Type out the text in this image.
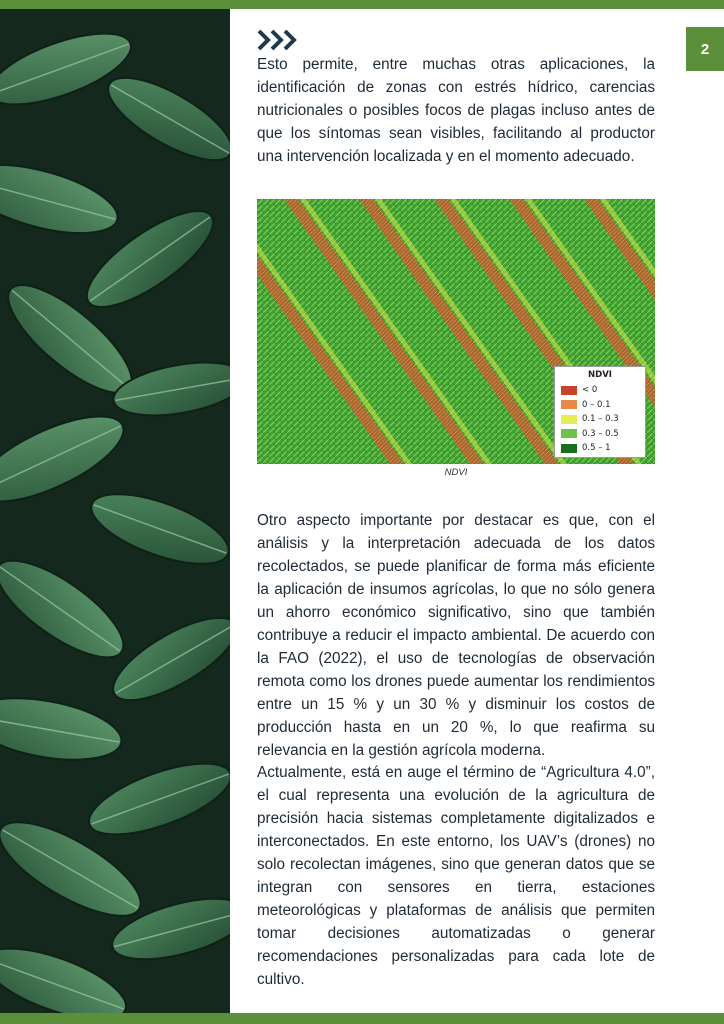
2

Esto permite, entre muchas otras aplicaciones, la identificación de zonas con estrés hídrico, carencias nutricionales o posibles focos de plagas incluso antes de que los síntomas sean visibles, facilitando al productor una intervención localizada y en el momento adecuado.

NDVI
< 0
0 – 0.1
0.1 – 0.3
0.3 – 0.5
0.5 – 1
NDVI

Otro aspecto importante por destacar es que, con el análisis y la interpretación adecuada de los datos recolectados, se puede planificar de forma más eficiente la aplicación de insumos agrícolas, lo que no sólo genera un ahorro económico significativo, sino que también contribuye a reducir el impacto ambiental. De acuerdo con la FAO (2022), el uso de tecnologías de observación remota como los drones puede aumentar los rendimientos entre un 15 % y un 30 % y disminuir los costos de producción hasta en un 20 %, lo que reafirma su relevancia en la gestión agrícola moderna.

Actualmente, está en auge el término de “Agricultura 4.0”, el cual representa una evolución de la agricultura de precisión hacia sistemas completamente digitalizados e interconectados. En este entorno, los UAV’s (drones) no solo recolectan imágenes, sino que generan datos que se integran con sensores en tierra, estaciones meteorológicas y plataformas de análisis que permiten tomar decisiones automatizadas o generar recomendaciones personalizadas para cada lote de cultivo.
